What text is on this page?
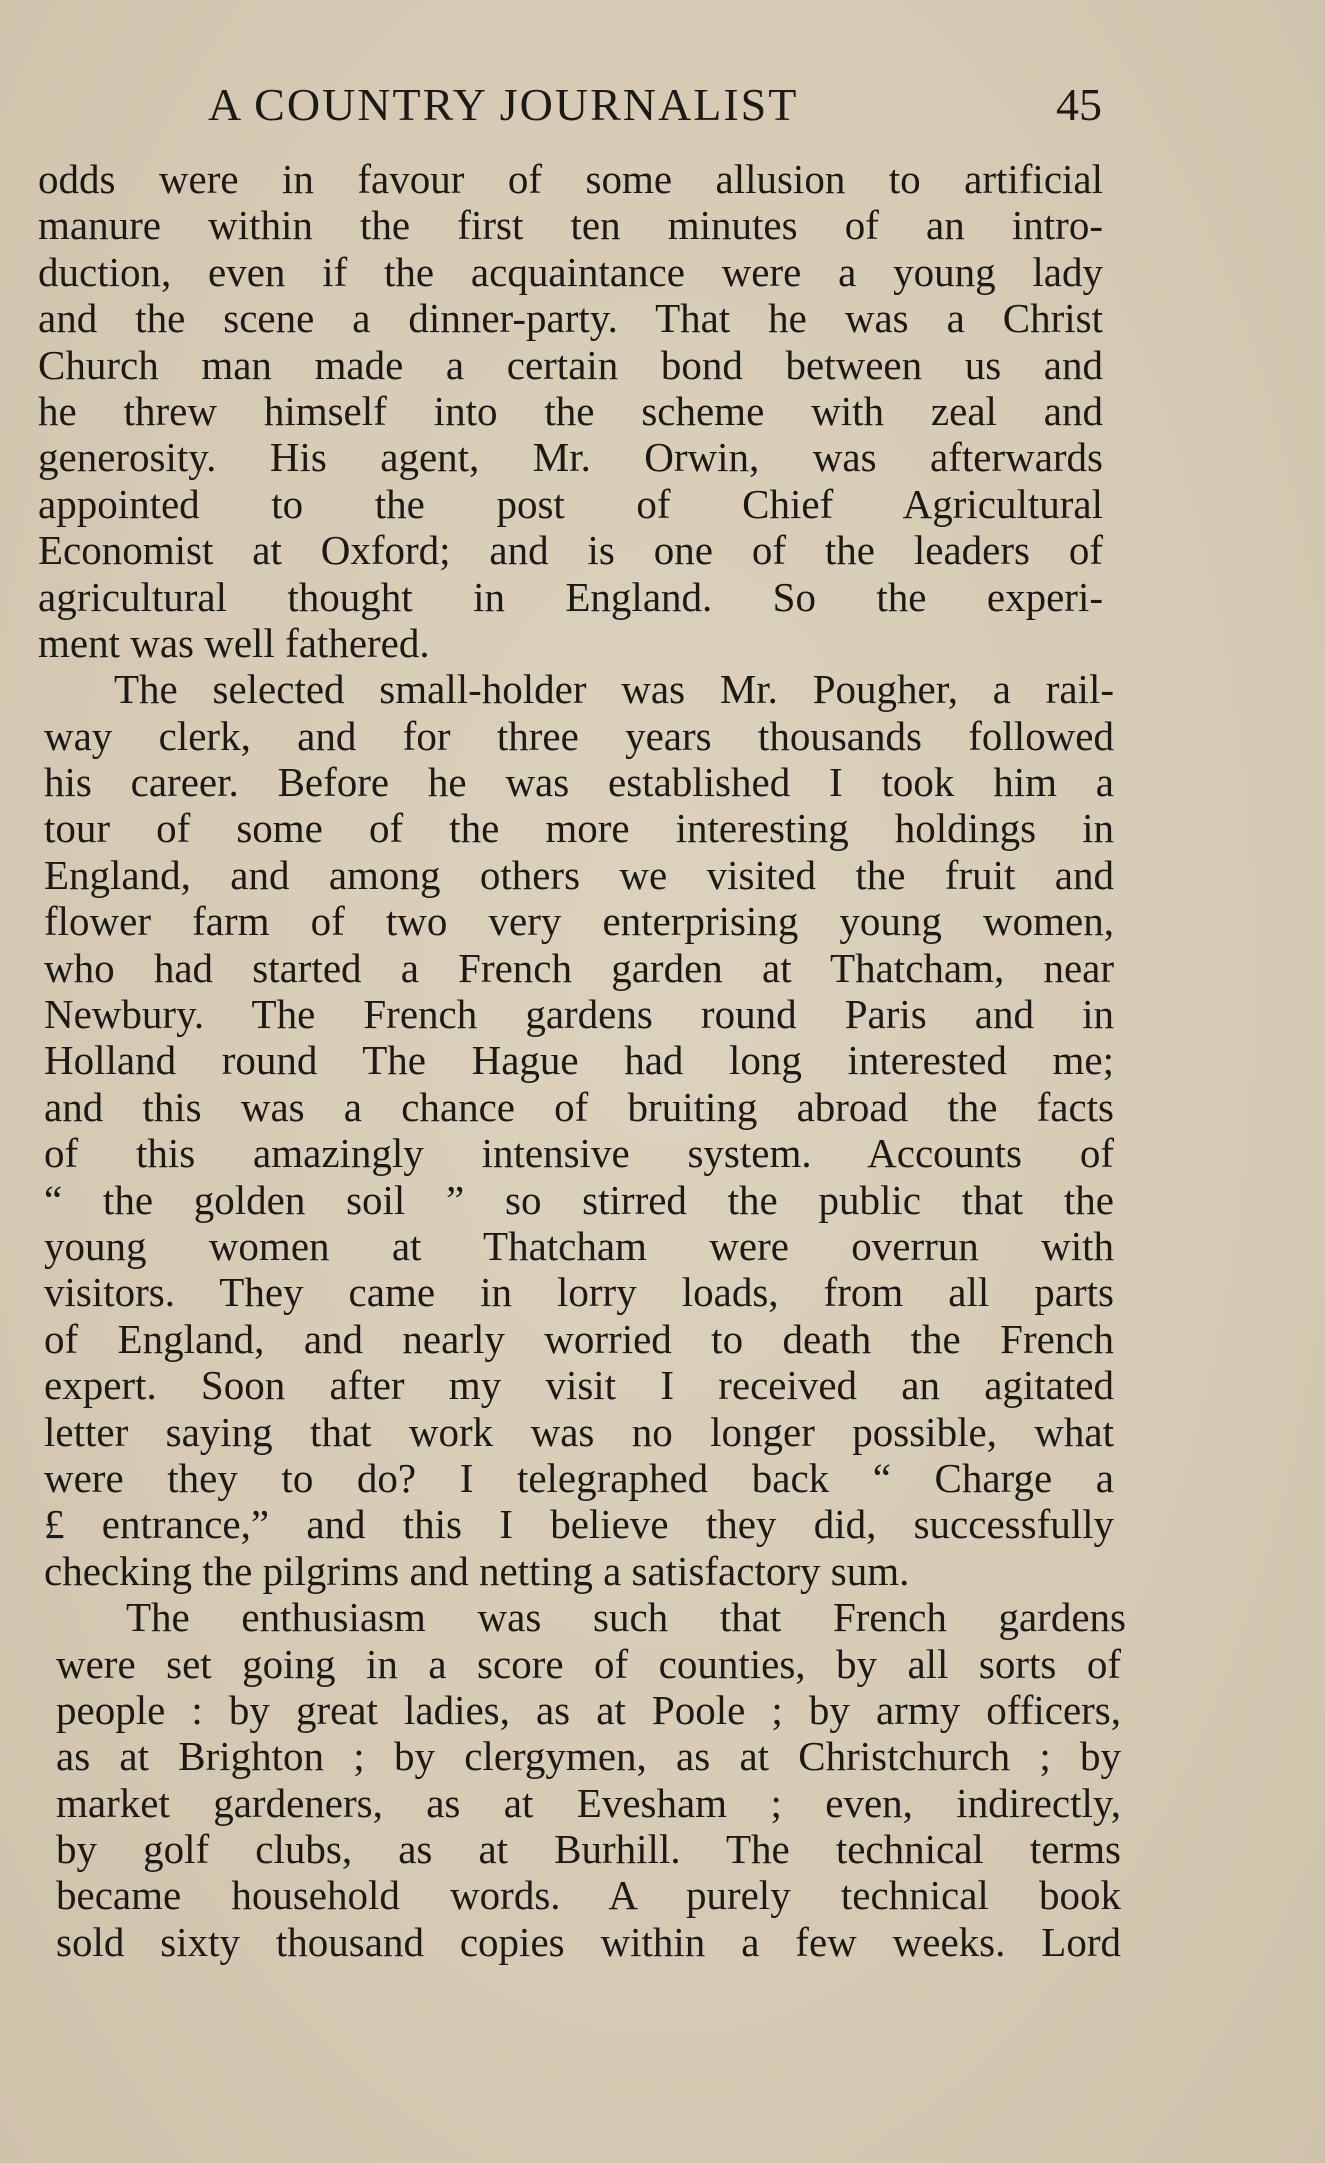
A COUNTRY JOURNALIST	45
odds were in favour of some allusion to artificial
manure within the first ten minutes of an intro-
duction, even if the acquaintance were a young lady
and the scene a dinner-party. That he was a Christ
Church man made a certain bond between us and
he threw himself into the scheme with zeal and
generosity. His agent, Mr. Orwin, was afterwards
appointed to the post of Chief Agricultural
Economist at Oxford; and is one of the leaders of
agricultural thought in England. So the experi-
ment was well fathered.
The selected small-holder was Mr. Pougher, a rail-
way clerk, and for three years thousands followed
his career. Before he was established I took him a
tour of some of the more interesting holdings in
England, and among others we visited the fruit and
flower farm of two very enterprising young women,
who had started a French garden at Thatcham, near
Newbury. The French gardens round Paris and in
Holland round The Hague had long interested me;
and this was a chance of bruiting abroad the facts
of this amazingly intensive system. Accounts of
“ the golden soil ” so stirred the public that the
young women at Thatcham were overrun with
visitors. They came in lorry loads, from all parts
of England, and nearly worried to death the French
expert. Soon after my visit I received an agitated
letter saying that work was no longer possible, what
were they to do? I telegraphed back “ Charge a
£ entrance,” and this I believe they did, successfully
checking the pilgrims and netting a satisfactory sum.
The enthusiasm was such that French gardens
were set going in a score of counties, by all sorts of
people : by great ladies, as at Poole ; by army officers,
as at Brighton ; by clergymen, as at Christchurch ; by
market gardeners, as at Evesham ; even, indirectly,
by golf clubs, as at Burhill. The technical terms
became household words. A purely technical book
sold sixty thousand copies within a few weeks. Lord
